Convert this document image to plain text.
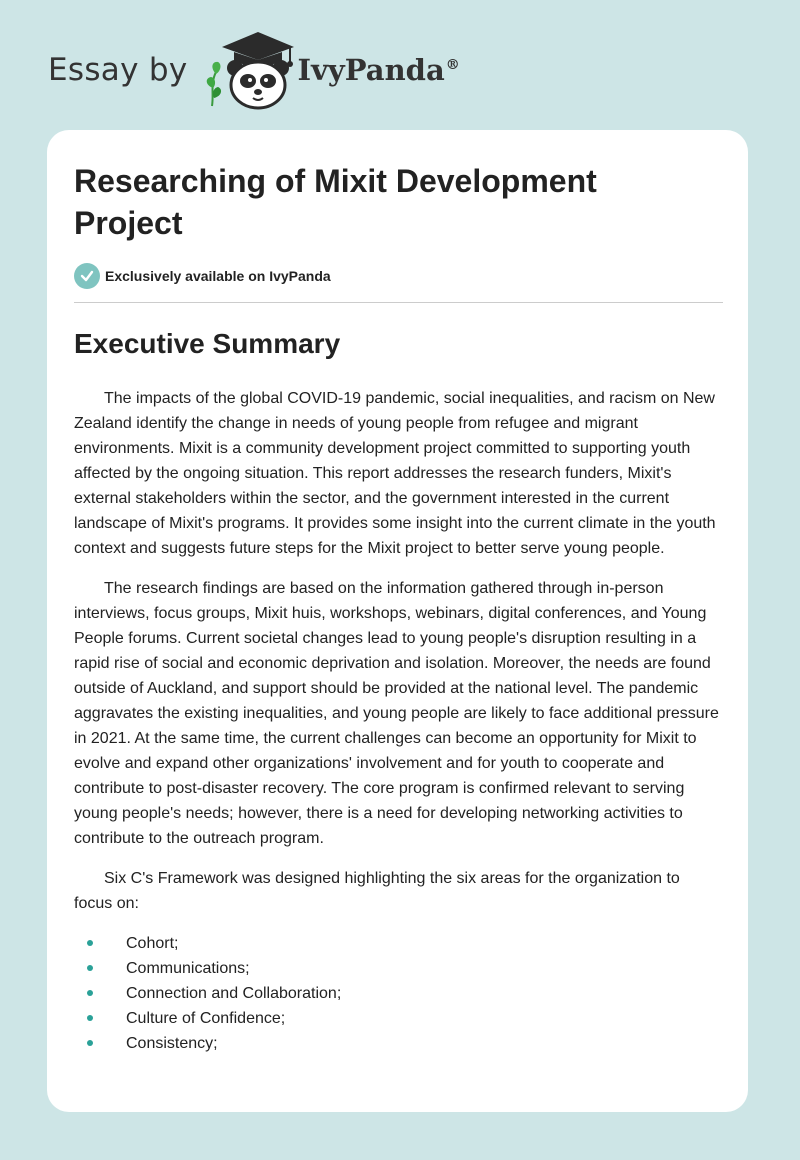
Essay by	IvyPanda®
Researching of Mixit Development Project
Exclusively available on IvyPanda
Executive Summary

The impacts of the global COVID-19 pandemic, social inequalities, and racism on New Zealand identify the change in needs of young people from refugee and migrant environments. Mixit is a community development project committed to supporting youth affected by the ongoing situation. This report addresses the research funders, Mixit's external stakeholders within the sector, and the government interested in the current landscape of Mixit's programs. It provides some insight into the current climate in the youth context and suggests future steps for the Mixit project to better serve young people.

The research findings are based on the information gathered through in-person interviews, focus groups, Mixit huis, workshops, webinars, digital conferences, and Young People forums. Current societal changes lead to young people's disruption resulting in a rapid rise of social and economic deprivation and isolation. Moreover, the needs are found outside of Auckland, and support should be provided at the national level. The pandemic aggravates the existing inequalities, and young people are likely to face additional pressure in 2021. At the same time, the current challenges can become an opportunity for Mixit to evolve and expand other organizations' involvement and for youth to cooperate and contribute to post-disaster recovery. The core program is confirmed relevant to serving young people's needs; however, there is a need for developing networking activities to contribute to the outreach program.

Six C's Framework was designed highlighting the six areas for the organization to focus on:

Cohort;
Communications;
Connection and Collaboration;
Culture of Confidence;
Consistency;
